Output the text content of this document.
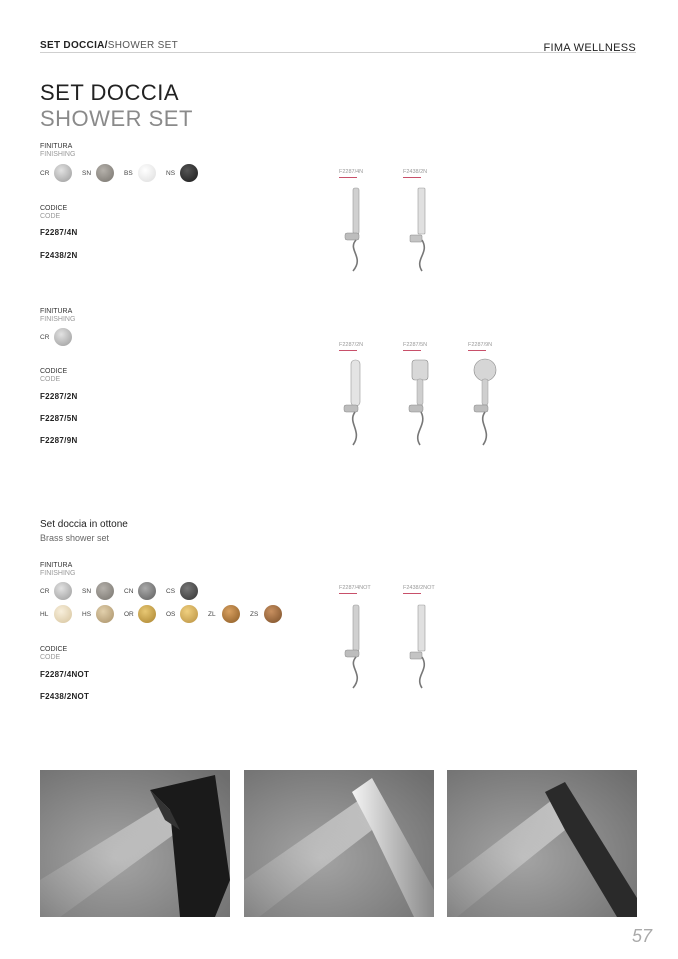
SET DOCCIA/SHOWER SET	FIMA WELLNESS
SET DOCCIA
SHOWER SET
FINITURA
FINISHING
CR	SN	BS	NS
CODICE
CODE
F2287/4N
F2438/2N
F2287/4N	F2438/2N
FINITURA
FINISHING
CR
CODICE
CODE
F2287/2N
F2287/5N
F2287/9N
F2287/2N	F2287/5N	F2287/9N
Set doccia in ottone
Brass shower set
FINITURA
FINISHING
CR	SN	CN	CS
HL	HS	OR	OS	ZL	ZS
CODICE
CODE
F2287/4NOT
F2438/2NOT
F2287/4NOT	F2438/2NOT
57
